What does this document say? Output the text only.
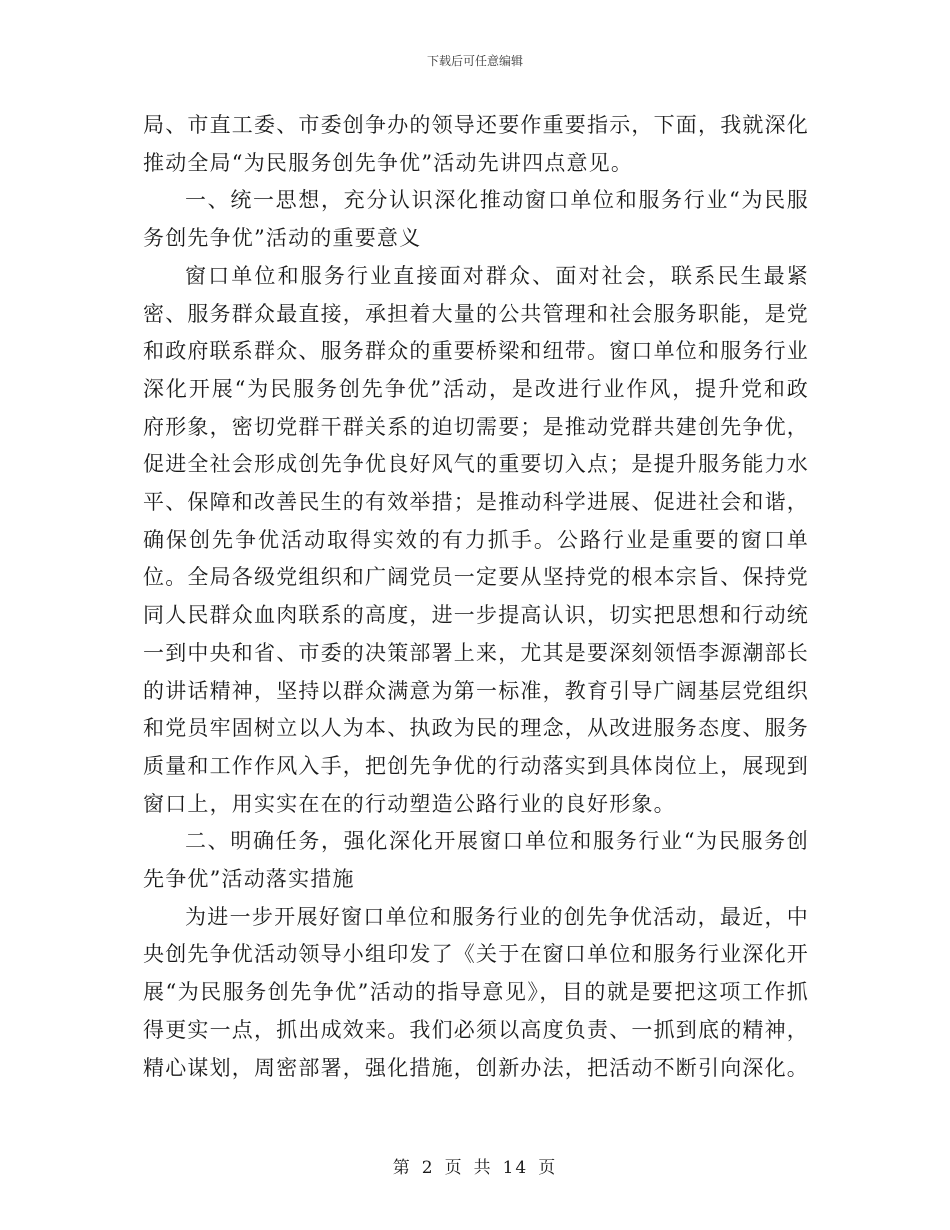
下载后可任意编辑

局、市直工委、市委创争办的领导还要作重要指示，下面，我就深化推动全局“为民服务创先争优”活动先讲四点意见。

一、统一思想，充分认识深化推动窗口单位和服务行业“为民服务创先争优”活动的重要意义

窗口单位和服务行业直接面对群众、面对社会，联系民生最紧密、服务群众最直接，承担着大量的公共管理和社会服务职能，是党和政府联系群众、服务群众的重要桥梁和纽带。窗口单位和服务行业深化开展“为民服务创先争优”活动，是改进行业作风，提升党和政府形象，密切党群干群关系的迫切需要；是推动党群共建创先争优，促进全社会形成创先争优良好风气的重要切入点；是提升服务能力水平、保障和改善民生的有效举措；是推动科学进展、促进社会和谐，确保创先争优活动取得实效的有力抓手。公路行业是重要的窗口单位。全局各级党组织和广阔党员一定要从坚持党的根本宗旨、保持党同人民群众血肉联系的高度，进一步提高认识，切实把思想和行动统一到中央和省、市委的决策部署上来，尤其是要深刻领悟李源潮部长的讲话精神，坚持以群众满意为第一标准，教育引导广阔基层党组织和党员牢固树立以人为本、执政为民的理念，从改进服务态度、服务质量和工作作风入手，把创先争优的行动落实到具体岗位上，展现到窗口上，用实实在在的行动塑造公路行业的良好形象。

二、明确任务，强化深化开展窗口单位和服务行业“为民服务创先争优”活动落实措施

为进一步开展好窗口单位和服务行业的创先争优活动，最近，中央创先争优活动领导小组印发了《关于在窗口单位和服务行业深化开展“为民服务创先争优”活动的指导意见》，目的就是要把这项工作抓得更实一点，抓出成效来。我们必须以高度负责、一抓到底的精神，精心谋划，周密部署，强化措施，创新办法，把活动不断引向深化。

第 2 页 共 14 页
